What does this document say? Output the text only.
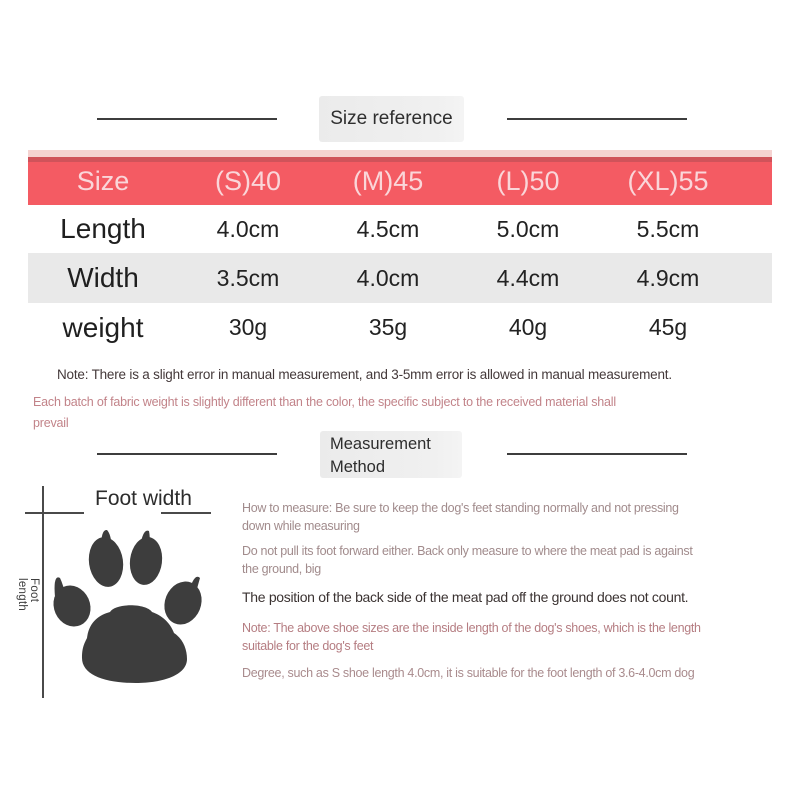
Size reference
Size	(S)40	(M)45	(L)50	(XL)55
Length	4.0cm	4.5cm	5.0cm	5.5cm
Width	3.5cm	4.0cm	4.4cm	4.9cm
weight	30g	35g	40g	45g
Note: There is a slight error in manual measurement, and 3-5mm error is allowed in manual measurement.
Each batch of fabric weight is slightly different than the color, the specific subject to the received material shall
prevail
Measurement
Method
Foot width
Foot length
How to measure: Be sure to keep the dog's feet standing normally and not pressing
down while measuring
Do not pull its foot forward either. Back only measure to where the meat pad is against
the ground, big
The position of the back side of the meat pad off the ground does not count.
Note: The above shoe sizes are the inside length of the dog's shoes, which is the length
suitable for the dog's feet
Degree, such as S shoe length 4.0cm, it is suitable for the foot length of 3.6-4.0cm dog
